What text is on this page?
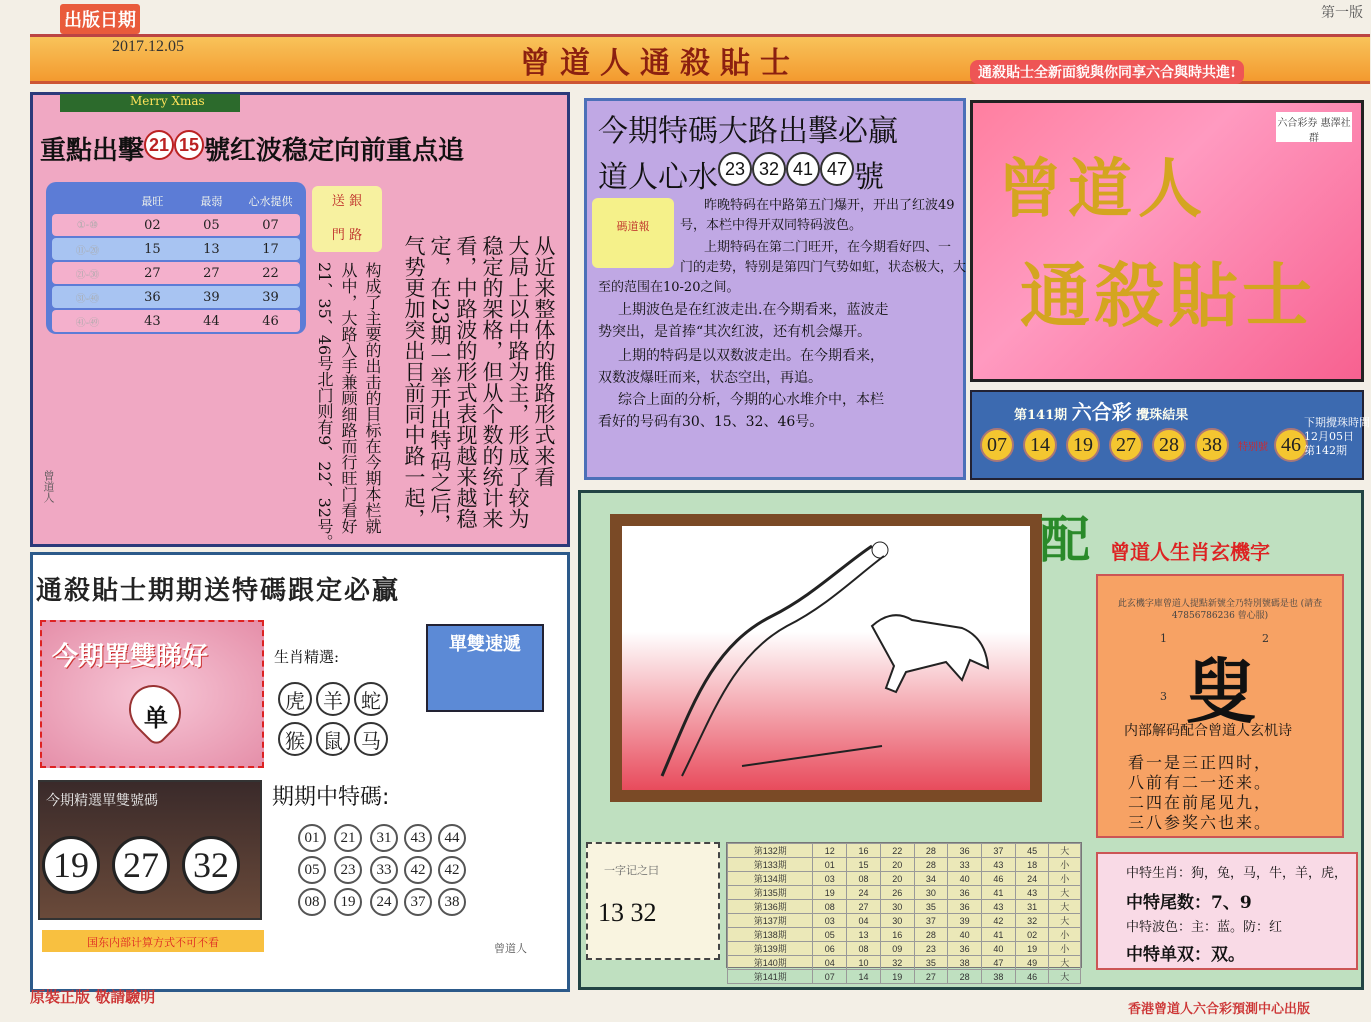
出版日期
2017.12.05
第一版
曾道人通殺貼士	通殺貼士全新面貌與你同享六合與時共進!
Merry Xmas
重點出擊 21 15 號红波稳定向前重点追
最旺	最弱	心水提供
①-⑩	02	05	07
⑪-⑳	15	13	17
㉑-㉚	27	27	22
㉛-㊵	36	39	39
㊶-㊾	43	44	46
送 銀

門 路	从近来整体的推路形式来看
大局上以中路为主，形成了较为
稳定的架格，但从个数的统计来
看，中路波的形式表现越来越稳
定，在23期一举开出特码之后，
气势更加突出目前同中路一起，
构成了主要的出击的目标在今期本栏就
从中，大路入手兼顾细路而行旺门看好
21、35、46号北门则有9、22、32号。
曾道人
今期特碼大路出擊必贏
道人心水 23 32 41 47 號
碼道報
昨晚特码在中路第五门爆开，开出了红波49
号，本栏中得开双同特码波色。
上期特码在第二门旺开，在今期看好四、一
门的走势，特别是第四门气势如虹，状态极大，大
至的范围在10-20之间。
上期波色是在红波走出.在今期看来，蓝波走
势突出，是首捧“其次红波，还有机会爆开。
上期的特码是以双数波走出。在今期看来，
双数波爆旺而来，状态空出，再追。
综合上面的分析，今期的心水堆介中，本栏
看好的号码有30、15、32、46号。
六合彩券 惠澤社群
曾道人
通殺貼士
第141期 六合彩 攪珠結果
07	14	19	27	28	38	特别號 46
下期攪珠時間
12月05日
第142期
通殺貼士期期送特碼跟定必贏
今期單雙睇好
单
生肖精選:
虎 羊 蛇
猴 鼠 马
單雙速遞
今期精選單雙號碼
19 27 32
国东内部计算方式不可不看
期期中特碼:
01	21	31	43	44
05	23	33	42	42
08	19	24	37	38
曾道人
配 曾道人生肖玄機字
此玄機字庫曾道人提點新號全乃特別號碼是也 (請查47856786236 曾心服)
1	2
3 叟
内部解码配合曾道人玄机诗
看一是三正四时，
八前有二一还来。
二四在前尾见九，
三八参奖六也来。
中特生肖：狗，兔，马，牛，羊，虎，
中特尾数：7、9
中特波色：主：蓝。防：红
中特单双：双。
一字记之曰
13 32
第132期	12	16	22	28	36	37	45	大
第133期	01	15	20	28	33	43	18	小
第134期	03	08	20	34	40	46	24	小
第135期	19	24	26	30	36	41	43	大
第136期	08	27	30	35	36	43	31	大
第137期	03	04	30	37	39	42	32	大
第138期	05	13	16	28	40	41	02	小
第139期	06	08	09	23	36	40	19	小
第140期	04	10	32	35	38	47	49	大
第141期	07	14	19	27	28	38	46	大
原裝正版 敬請驗明
香港曾道人六合彩預測中心出版
